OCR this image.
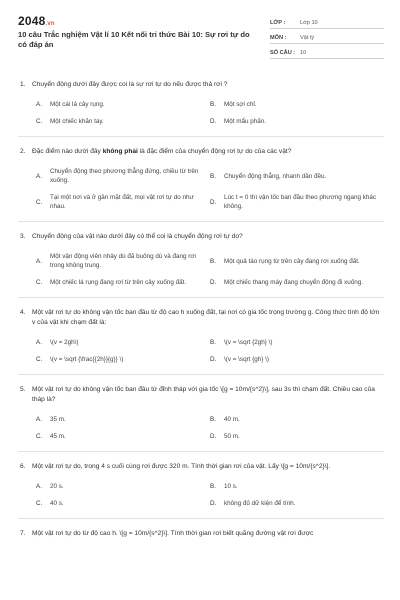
2048.vn
10 câu Trắc nghiệm Vật lí 10 Kết nối tri thức Bài 10: Sự rơi tự do có đáp án
LỚP :	Lớp 10
MÔN :	Vật lý
SỐ CÂU : 10
1. Chuyển động dưới đây được coi là sự rơi tự do nếu được thả rơi ?
A.	Một cái lá cây rụng.	B.	Một sợi chỉ.
C.	Một chiếc khăn tay.	D.	Một mẩu phấn.
2. Đặc điểm nào dưới đây không phải là đặc điểm của chuyển động rơi tự do của các vật?
A.
Chuyển động theo phương thẳng đứng, chiều từ trên xuống.
B.	Chuyển động thẳng, nhanh dần đều.
C.
Tại một nơi và ở gần mặt đất, mọi vật rơi tự do như nhau.
D.
Lúc t = 0 thì vận tốc ban đầu theo phương ngang khác không.
3. Chuyển động của vật nào dưới đây có thể coi là chuyển động rơi tự do?
A.
Một vận động viên nhảy dù đã buông dù và đang rơi trong không trung.
B.	Một quả táo rụng từ trên cây đang rơi xuống đất.
C.	Một chiếc lá rụng đang rơi từ trên cây xuống đất.	D.	Một chiếc thang máy đang chuyển động đi xuống.
4. Một vật rơi tự do không vận tốc ban đầu từ độ cao h xuống đất, tại nơi có gia tốc trọng trường g. Công thức tính độ lớn v của vật khi chạm đất là:
A.	\(v = 2gh\)	B.	\(v = \sqrt {2gh} \)
C.	\(v = \sqrt {\frac{{2h}}{g}} \)	D.	\(v = \sqrt {gh} \)
5. Một vật rơi tự do không vận tốc ban đầu từ đỉnh tháp với gia tốc \[g = 10m/{s^2}\], sau 3s thì chạm đất. Chiều cao của tháp là?
A.	35 m.	B.	40 m.
C.	45 m.	D.	50 m.
6. Một vật rơi tự do, trong 4 s cuối cùng rơi được 320 m. Tính thời gian rơi của vật. Lấy \[g = 10m/{s^2}\].
A.	20 s.	B.	10 s.
C.	40 s.	D.	không đủ dữ kiện để tính.
7. Một vật rơi tự do từ độ cao h. \[g = 10m/{s^2}\]. Tính thời gian rơi biết quãng đường vật rơi được
